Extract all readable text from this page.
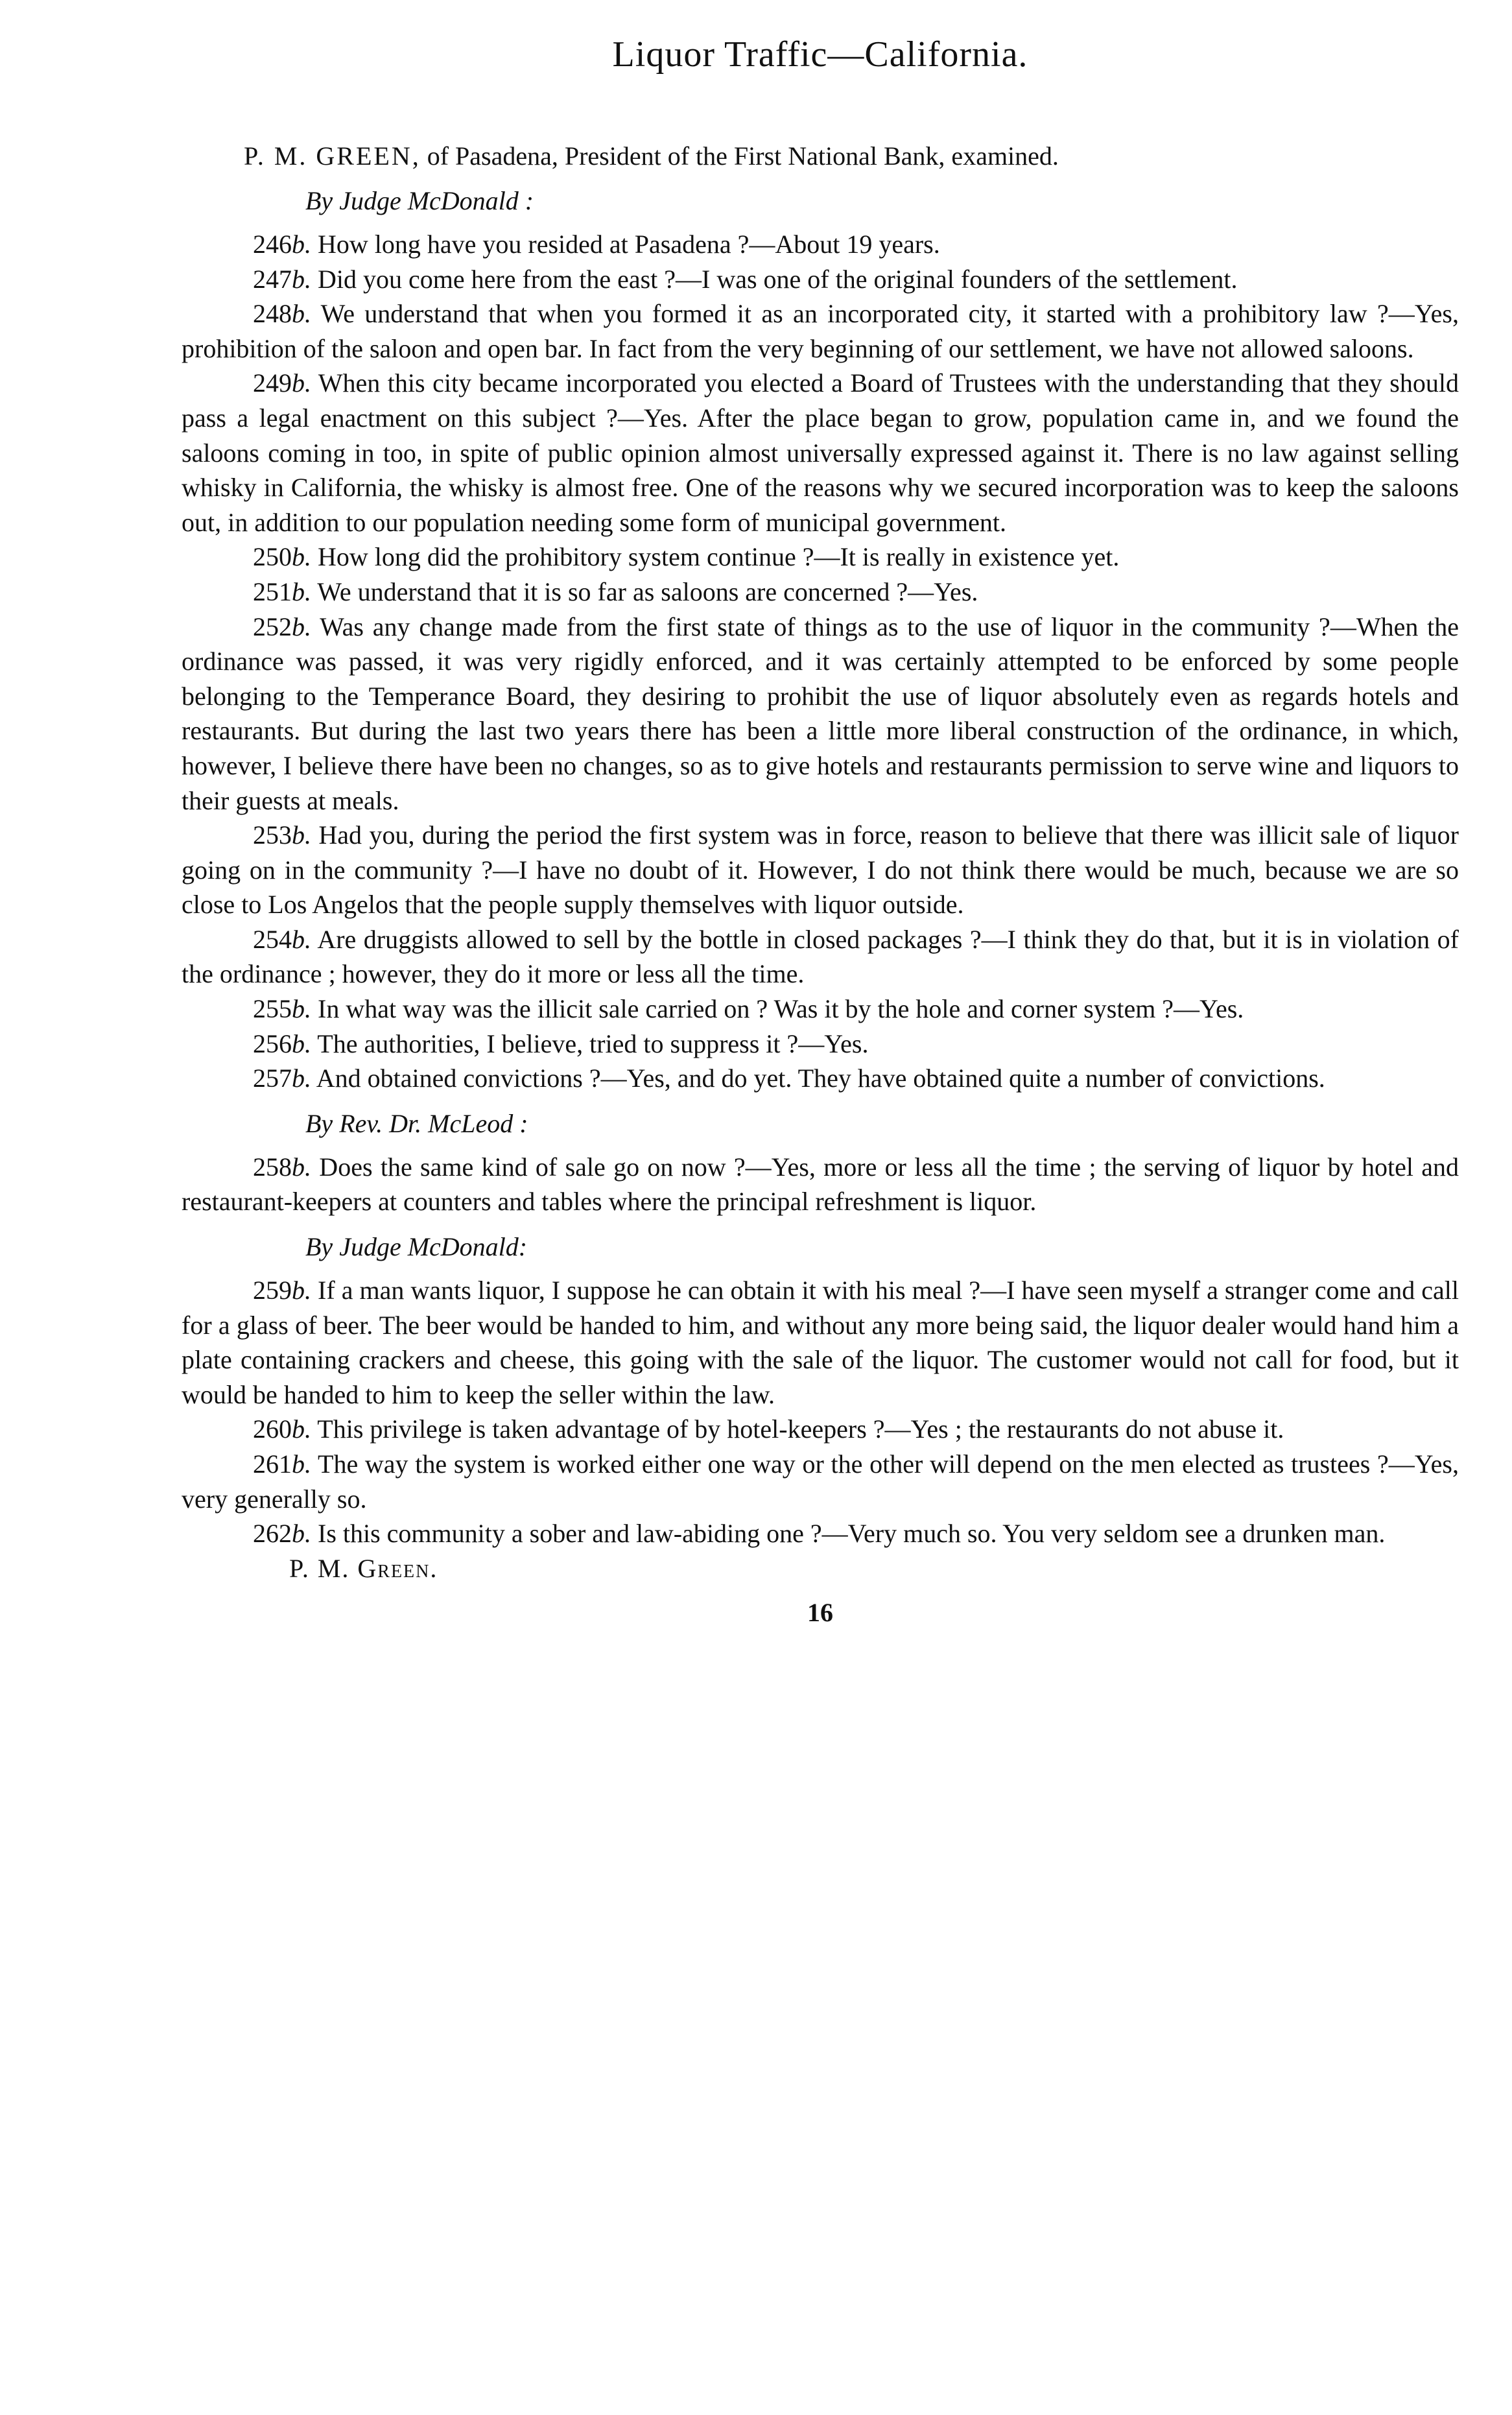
Liquor Traffic—California.

P. M. GREEN, of Pasadena, President of the First National Bank, examined.

By Judge McDonald :

246b. How long have you resided at Pasadena ?—About 19 years.

247b. Did you come here from the east ?—I was one of the original founders of the settlement.

248b. We understand that when you formed it as an incorporated city, it started with a prohibitory law ?—Yes, prohibition of the saloon and open bar. In fact from the very beginning of our settlement, we have not allowed saloons.

249b. When this city became incorporated you elected a Board of Trustees with the understanding that they should pass a legal enactment on this subject ?—Yes. After the place began to grow, population came in, and we found the saloons coming in too, in spite of public opinion almost universally expressed against it. There is no law against selling whisky in California, the whisky is almost free. One of the reasons why we secured incorporation was to keep the saloons out, in addition to our population needing some form of municipal government.

250b. How long did the prohibitory system continue ?—It is really in existence yet.

251b. We understand that it is so far as saloons are concerned ?—Yes.

252b. Was any change made from the first state of things as to the use of liquor in the community ?—When the ordinance was passed, it was very rigidly enforced, and it was certainly attempted to be enforced by some people belonging to the Temperance Board, they desiring to prohibit the use of liquor absolutely even as regards hotels and restaurants. But during the last two years there has been a little more liberal construction of the ordinance, in which, however, I believe there have been no changes, so as to give hotels and restaurants permission to serve wine and liquors to their guests at meals.

253b. Had you, during the period the first system was in force, reason to believe that there was illicit sale of liquor going on in the community ?—I have no doubt of it. However, I do not think there would be much, because we are so close to Los Angelos that the people supply themselves with liquor outside.

254b. Are druggists allowed to sell by the bottle in closed packages ?—I think they do that, but it is in violation of the ordinance ; however, they do it more or less all the time.

255b. In what way was the illicit sale carried on ? Was it by the hole and corner system ?—Yes.

256b. The authorities, I believe, tried to suppress it ?—Yes.

257b. And obtained convictions ?—Yes, and do yet. They have obtained quite a number of convictions.

By Rev. Dr. McLeod :

258b. Does the same kind of sale go on now ?—Yes, more or less all the time ; the serving of liquor by hotel and restaurant-keepers at counters and tables where the principal refreshment is liquor.

By Judge McDonald:

259b. If a man wants liquor, I suppose he can obtain it with his meal ?—I have seen myself a stranger come and call for a glass of beer. The beer would be handed to him, and without any more being said, the liquor dealer would hand him a plate containing crackers and cheese, this going with the sale of the liquor. The customer would not call for food, but it would be handed to him to keep the seller within the law.

260b. This privilege is taken advantage of by hotel-keepers ?—Yes ; the restaurants do not abuse it.

261b. The way the system is worked either one way or the other will depend on the men elected as trustees ?—Yes, very generally so.

262b. Is this community a sober and law-abiding one ?—Very much so. You very seldom see a drunken man.

P. M. Green.
16
